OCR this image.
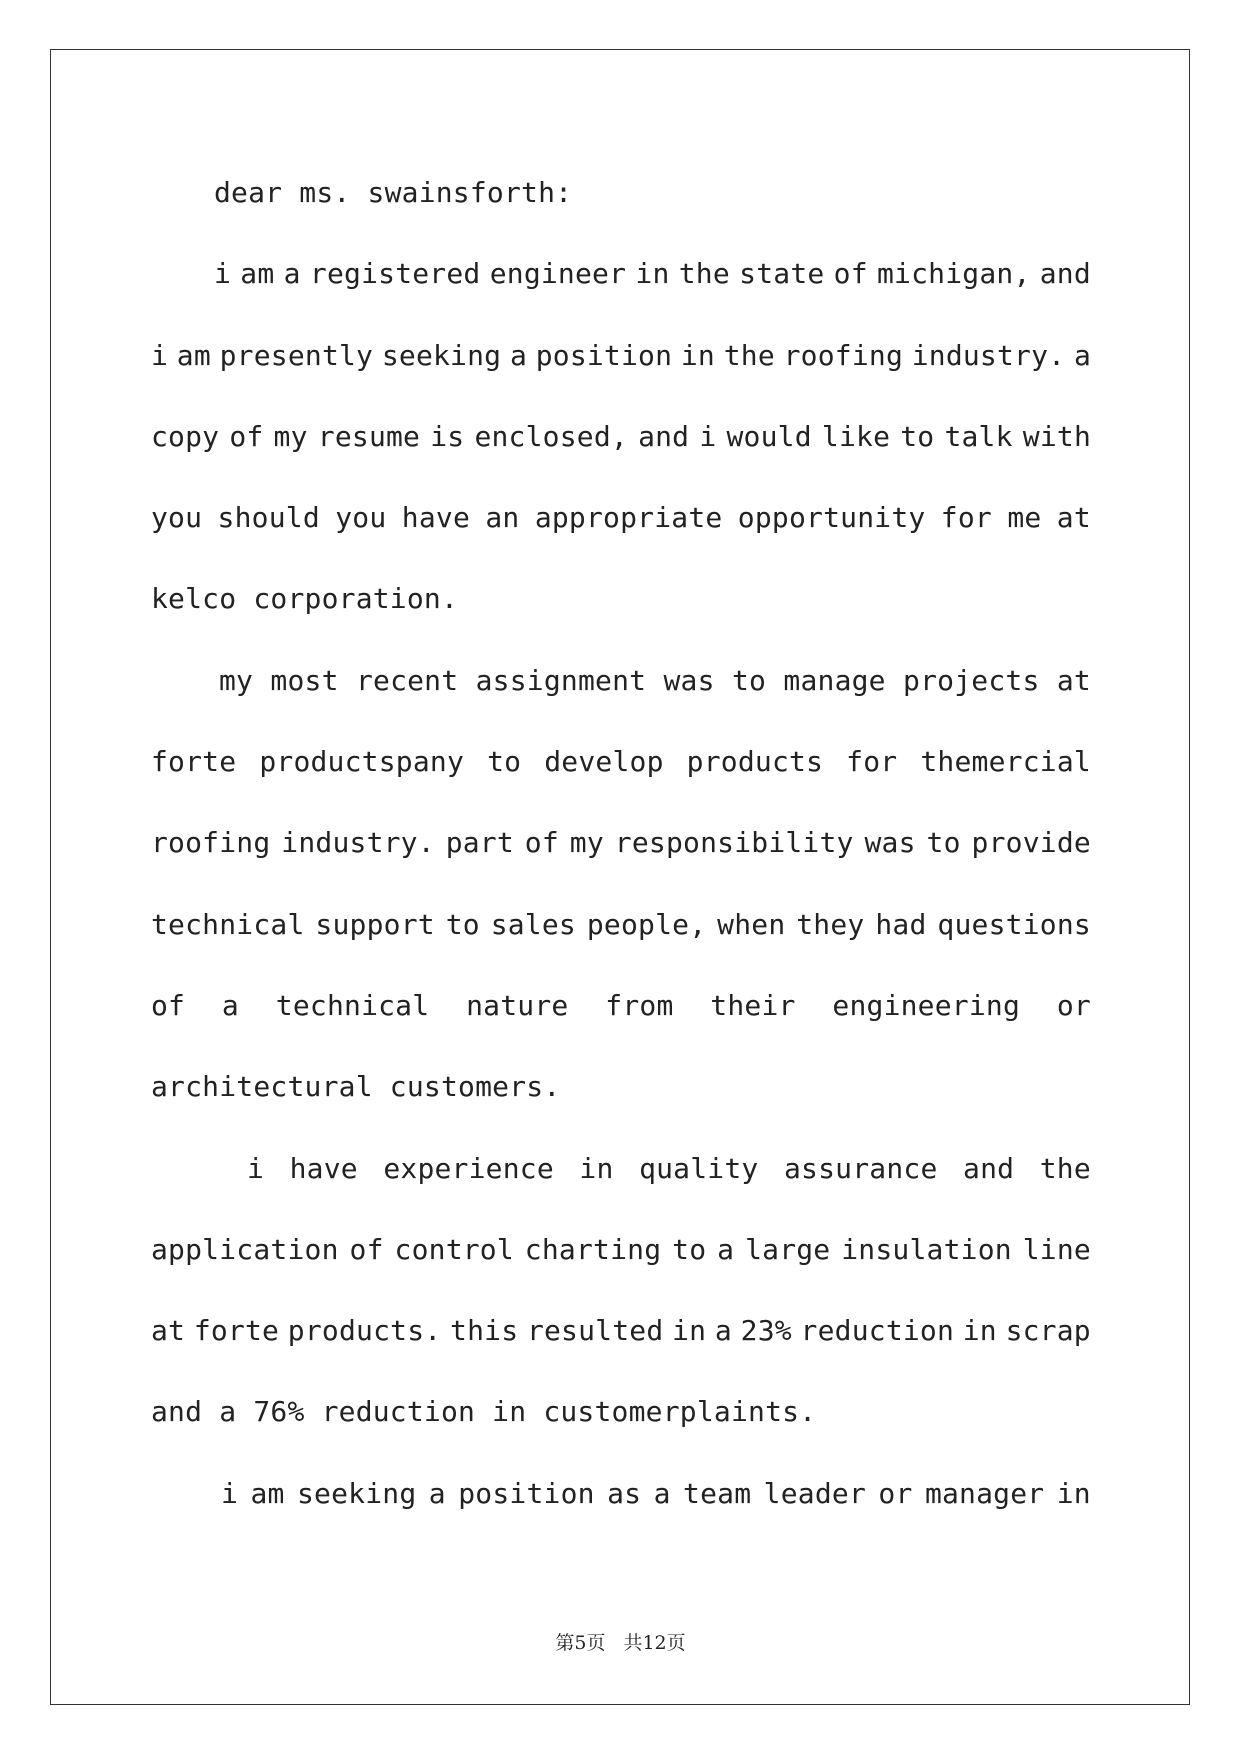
dear ms. swainsforth:
i am a registered engineer in the state of michigan, and
i am presently seeking a position in the roofing industry. a
copy of my resume is enclosed, and i would like to talk with
you should you have an appropriate opportunity for me at
kelco corporation.
my most recent assignment was to manage projects at
forte productspany to develop products for themercial
roofing industry. part of my responsibility was to provide
technical support to sales people, when they had questions
of a technical nature from their engineering or
architectural customers.
i have experience in quality assurance and the
application of control charting to a large insulation line
at forte products. this resulted in a 23% reduction in scrap
and a 76% reduction in customerplaints.
i am seeking a position as a team leader or manager in
第5页 共12页
